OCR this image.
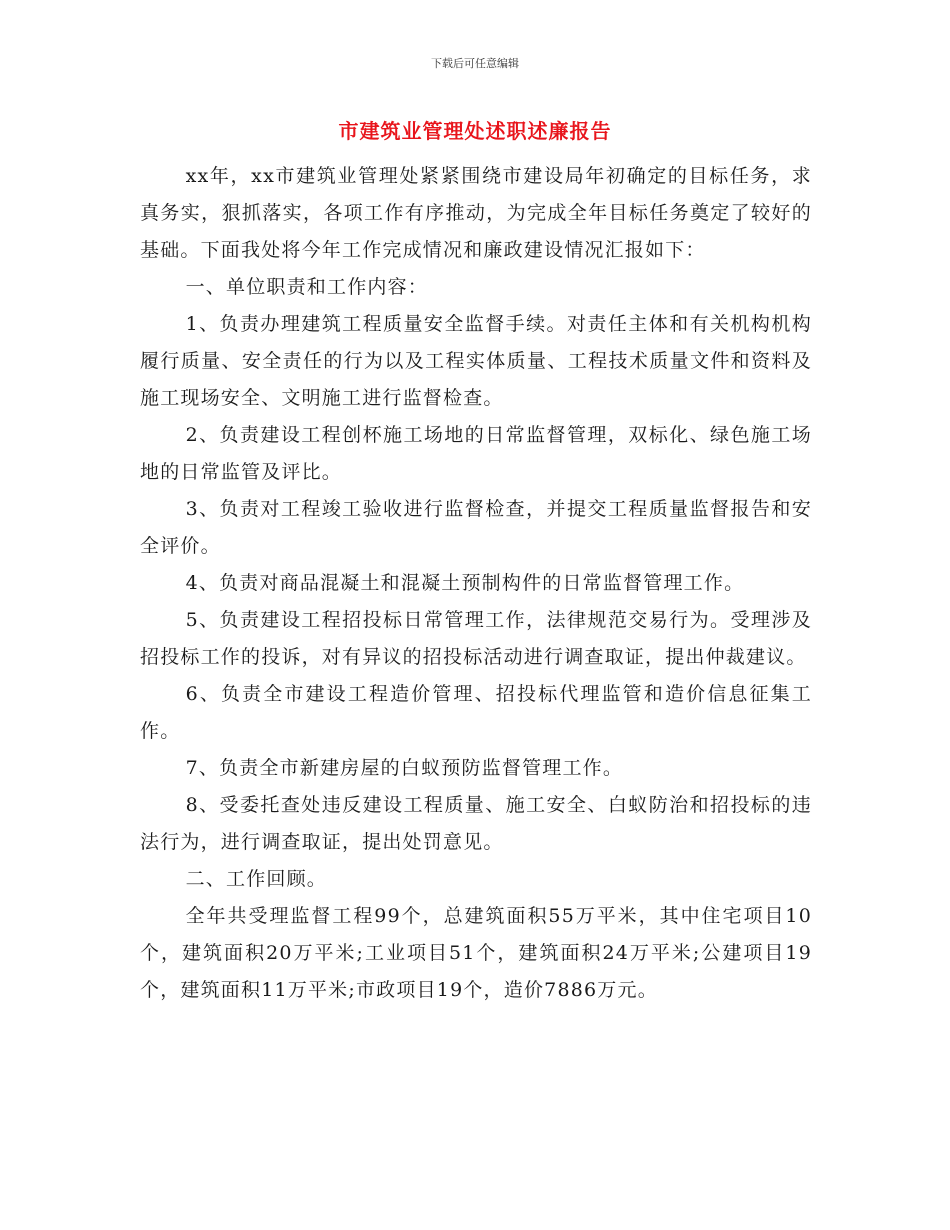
下载后可任意编辑
市建筑业管理处述职述廉报告

xx年，xx市建筑业管理处紧紧围绕市建设局年初确定的目标任务，求真务实，狠抓落实，各项工作有序推动，为完成全年目标任务奠定了较好的基础。下面我处将今年工作完成情况和廉政建设情况汇报如下：

一、单位职责和工作内容：

1、负责办理建筑工程质量安全监督手续。对责任主体和有关机构机构履行质量、安全责任的行为以及工程实体质量、工程技术质量文件和资料及施工现场安全、文明施工进行监督检查。

2、负责建设工程创杯施工场地的日常监督管理，双标化、绿色施工场地的日常监管及评比。

3、负责对工程竣工验收进行监督检查，并提交工程质量监督报告和安全评价。

4、负责对商品混凝土和混凝土预制构件的日常监督管理工作。

5、负责建设工程招投标日常管理工作，法律规范交易行为。受理涉及招投标工作的投诉，对有异议的招投标活动进行调查取证，提出仲裁建议。

6、负责全市建设工程造价管理、招投标代理监管和造价信息征集工作。

7、负责全市新建房屋的白蚁预防监督管理工作。

8、受委托查处违反建设工程质量、施工安全、白蚁防治和招投标的违法行为，进行调查取证，提出处罚意见。

二、工作回顾。

全年共受理监督工程99个，总建筑面积55万平米，其中住宅项目10个，建筑面积20万平米;工业项目51个，建筑面积24万平米;公建项目19个，建筑面积11万平米;市政项目19个，造价7886万元。
